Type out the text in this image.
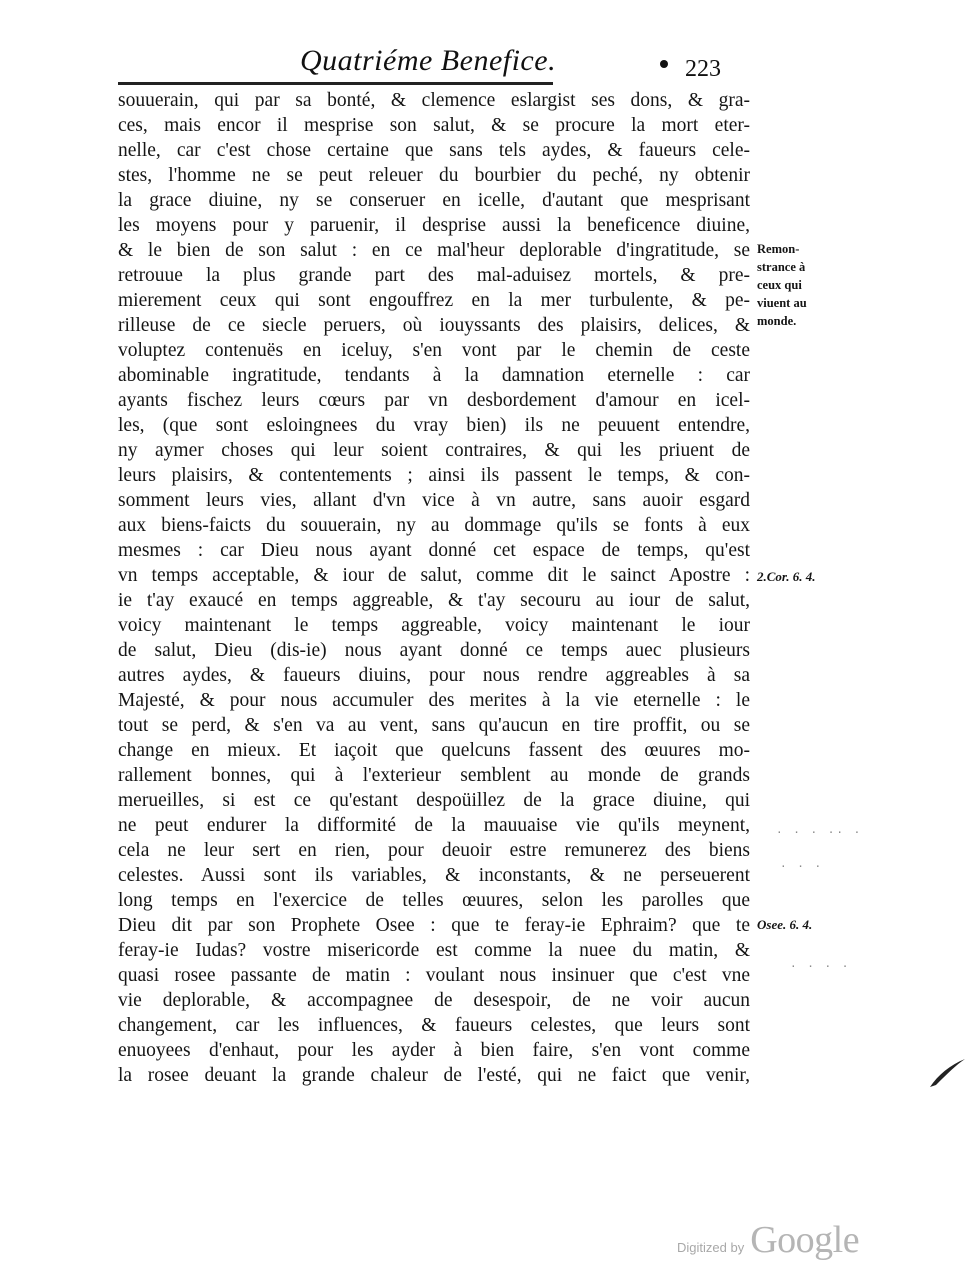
Quatriéme Benefice.	223
souuerain, qui par sa bonté, & clemence eslargist ses dons, & gra-
ces, mais encor il mesprise son salut, & se procure la mort eter-
nelle, car c'est chose certaine que sans tels aydes, & faueurs cele-
stes, l'homme ne se peut releuer du bourbier du peché, ny obtenir
la grace diuine, ny se conseruer en icelle, d'autant que mesprisant
les moyens pour y paruenir, il desprise aussi la beneficence diuine,
& le bien de son salut : en ce mal'heur deplorable d'ingratitude, se
retrouue la plus grande part des mal-aduisez mortels, & pre-
mierement ceux qui sont engouffrez en la mer turbulente, & pe-
rilleuse de ce siecle peruers, où iouyssants des plaisirs, delices, &
voluptez contenuës en iceluy, s'en vont par le chemin de ceste
abominable ingratitude, tendants à la damnation eternelle : car
ayants fischez leurs cœurs par vn desbordement d'amour en icel-
les, (que sont esloingnees du vray bien) ils ne peuuent entendre,
ny aymer choses qui leur soient contraires, & qui les priuent de
leurs plaisirs, & contentements ; ainsi ils passent le temps, & con-
somment leurs vies, allant d'vn vice à vn autre, sans auoir esgard
aux biens-faicts du souuerain, ny au dommage qu'ils se fonts à eux
mesmes : car Dieu nous ayant donné cet espace de temps, qu'est
vn temps acceptable, & iour de salut, comme dit le sainct Apostre :
ie t'ay exaucé en temps aggreable, & t'ay secouru au iour de salut,
voicy maintenant le temps aggreable, voicy maintenant le iour
de salut, Dieu (dis-ie) nous ayant donné ce temps auec plusieurs
autres aydes, & faueurs diuins, pour nous rendre aggreables à sa
Majesté, & pour nous accumuler des merites à la vie eternelle : le
tout se perd, & s'en va au vent, sans qu'aucun en tire proffit, ou se
change en mieux. Et iaçoit que quelcuns fassent des œuures mo-
rallement bonnes, qui à l'exterieur semblent au monde de grands
merueilles, si est ce qu'estant despoüillez de la grace diuine, qui
ne peut endurer la difformité de la mauuaise vie qu'ils meynent,
cela ne leur sert en rien, pour deuoir estre remunerez des biens
celestes. Aussi sont ils variables, & inconstants, & ne perseuerent
long temps en l'exercice de telles œuures, selon les parolles que
Dieu dit par son Prophete Osee : que te feray-ie Ephraim? que te
feray-ie Iudas? vostre misericorde est comme la nuee du matin, &
quasi rosee passante de matin : voulant nous insinuer que c'est vne
vie deplorable, & accompagnee de desespoir, de ne voir aucun
changement, car les influences, & faueurs celestes, que leurs sont
enuoyees d'enhaut, pour les ayder à bien faire, s'en vont comme
la rosee deuant la grande chaleur de l'esté, qui ne faict que venir,
Remon-
strance à
ceux qui
viuent au
monde.
2.Cor. 6. 4.
Osee. 6. 4.
· · · ·· ·
· · ·
· · · ·
Digitized by Google
